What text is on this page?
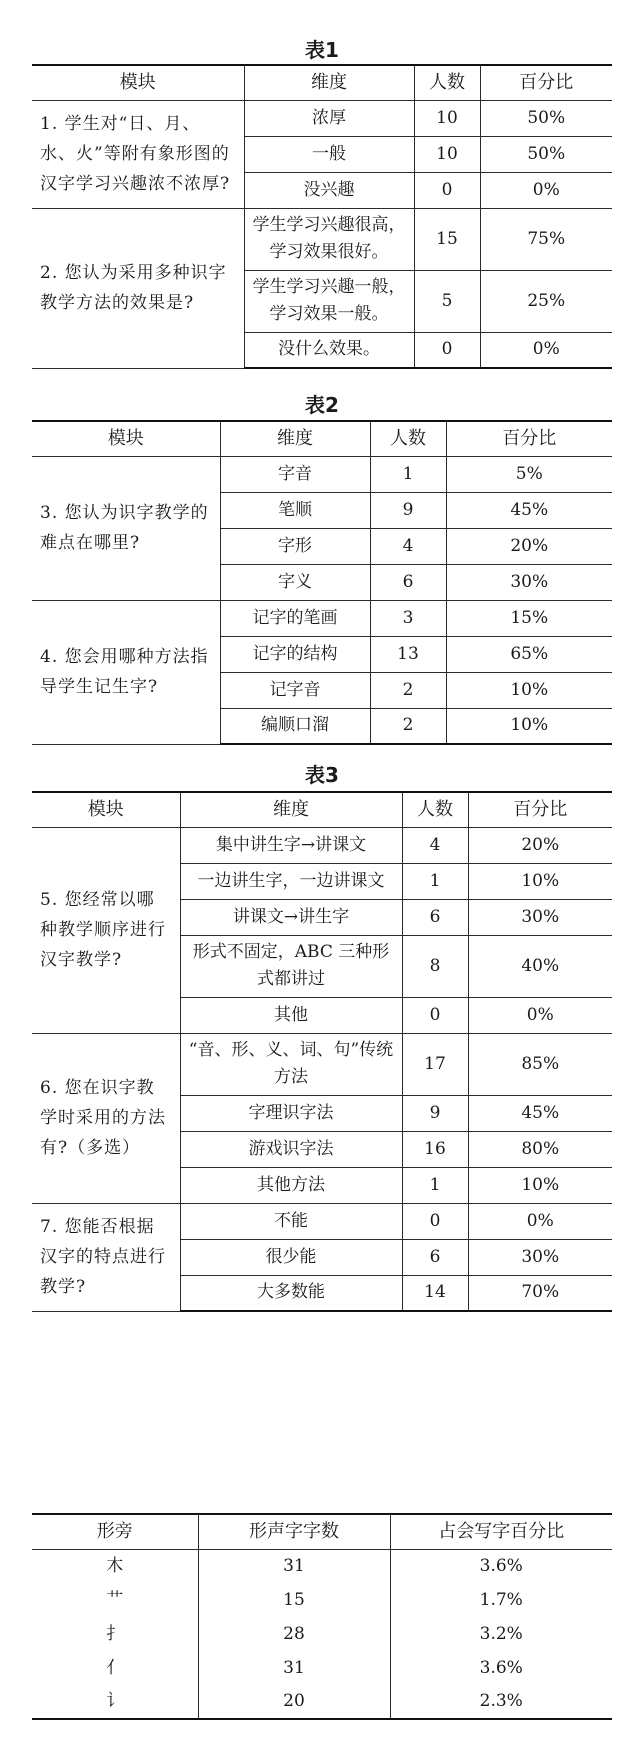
表1
模块	维度	人数	百分比
1. 学生对“日、月、水、火”等附有象形图的汉字学习兴趣浓不浓厚?	浓厚	10	50%
	一般	10	50%
	没兴趣	0	0%
2. 您认为采用多种识字教学方法的效果是?	学生学习兴趣很高，学习效果很好。	15	75%
	学生学习兴趣一般，学习效果一般。	5	25%
	没什么效果。	0	0%
表2
模块	维度	人数	百分比
3. 您认为识字教学的难点在哪里?	字音	1	5%
	笔顺	9	45%
	字形	4	20%
	字义	6	30%
4. 您会用哪种方法指导学生记生字?	记字的笔画	3	15%
	记字的结构	13	65%
	记字音	2	10%
	编顺口溜	2	10%
表3
模块	维度	人数	百分比
5. 您经常以哪种教学顺序进行汉字教学?	集中讲生字→讲课文	4	20%
	一边讲生字，一边讲课文	1	10%
	讲课文→讲生字	6	30%
	形式不固定，ABC 三种形式都讲过	8	40%
	其他	0	0%
6. 您在识字教学时采用的方法有?（多选）	“音、形、义、词、句”传统方法	17	85%
	字理识字法	9	45%
	游戏识字法	16	80%
	其他方法	1	10%
7. 您能否根据汉字的特点进行教学?	不能	0	0%
	很少能	6	30%
	大多数能	14	70%
形旁	形声字字数	占会写字百分比
木	31	3.6%
艹	15	1.7%
扌	28	3.2%
亻	31	3.6%
讠	20	2.3%
